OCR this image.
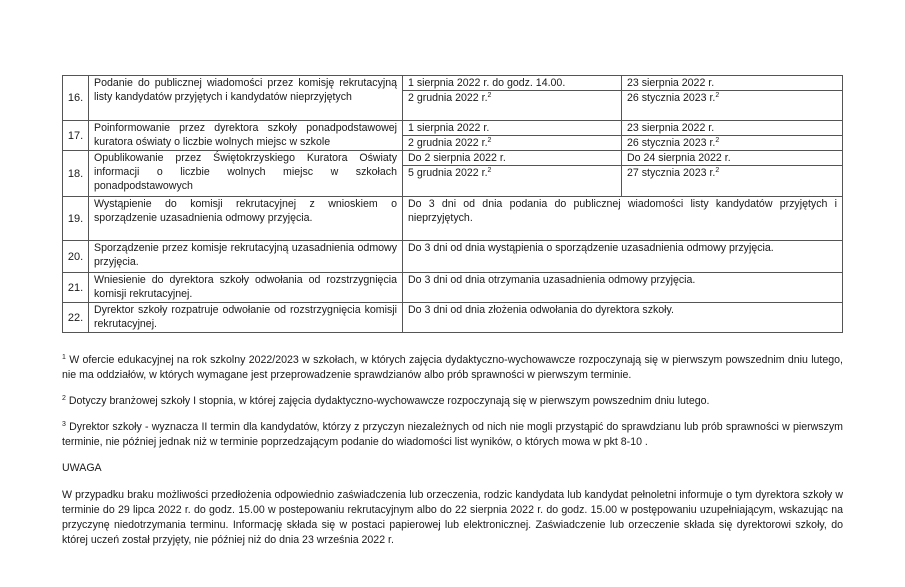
16.	Podanie do publicznej wiadomości przez komisję rekrutacyjną listy kandydatów przyjętych i kandydatów nieprzyjętych	1 sierpnia 2022 r. do godz. 14.00.	23 sierpnia 2022 r.
		2 grudnia 2022 r.$^2$	26 stycznia 2023 r.$^2$
17.	Poinformowanie przez dyrektora szkoły ponadpodstawowej kuratora oświaty o liczbie wolnych miejsc w szkole	1 sierpnia 2022 r.	23 sierpnia 2022 r.
		2 grudnia 2022 r.$^2$	26 stycznia 2023 r.$^2$
18.	Opublikowanie przez Świętokrzyskiego Kuratora Oświaty informacji o liczbie wolnych miejsc w szkołach ponadpodstawowych	Do 2 sierpnia 2022 r.	Do 24 sierpnia 2022 r.
		5 grudnia 2022 r.$^2$	27 stycznia 2023 r.$^2$
19.	Wystąpienie do komisji rekrutacyjnej z wnioskiem o sporządzenie uzasadnienia odmowy przyjęcia.	Do 3 dni od dnia podania do publicznej wiadomości listy kandydatów przyjętych i nieprzyjętych.	
20.	Sporządzenie przez komisje rekrutacyjną uzasadnienia odmowy przyjęcia.	Do 3 dni od dnia wystąpienia o sporządzenie uzasadnienia odmowy przyjęcia.	
21.	Wniesienie do dyrektora szkoły odwołania od rozstrzygnięcia komisji rekrutacyjnej.	Do 3 dni od dnia otrzymania uzasadnienia odmowy przyjęcia.	
22.	Dyrektor szkoły rozpatruje odwołanie od rozstrzygnięcia komisji rekrutacyjnej.	Do 3 dni od dnia złożenia odwołania do dyrektora szkoły.	

$^1$ W ofercie edukacyjnej na rok szkolny 2022/2023 w szkołach, w których zajęcia dydaktyczno-wychowawcze rozpoczynają się w pierwszym powszednim dniu lutego, nie ma oddziałów, w których wymagane jest przeprowadzenie sprawdzianów albo prób sprawności w pierwszym terminie.

$^2$ Dotyczy branżowej szkoły I stopnia, w której zajęcia dydaktyczno-wychowawcze rozpoczynają się w pierwszym powszednim dniu lutego.

$^3$ Dyrektor szkoły - wyznacza II termin dla kandydatów, którzy z przyczyn niezależnych od nich nie mogli przystąpić do sprawdzianu lub prób sprawności w pierwszym terminie, nie później jednak niż w terminie poprzedzającym podanie do wiadomości list wyników, o których mowa w pkt 8-10 .

UWAGA

W przypadku braku możliwości przedłożenia odpowiednio zaświadczenia lub orzeczenia, rodzic kandydata lub kandydat pełnoletni informuje o tym dyrektora szkoły w terminie do 29 lipca 2022 r. do godz. 15.00 w postepowaniu rekrutacyjnym albo do 22 sierpnia 2022 r. do godz. 15.00 w postępowaniu uzupełniającym, wskazując na przyczynę niedotrzymania terminu. Informację składa się w postaci papierowej lub elektronicznej. Zaświadczenie lub orzeczenie składa się dyrektorowi szkoły, do której uczeń został przyjęty, nie później niż do dnia 23 września 2022 r.
